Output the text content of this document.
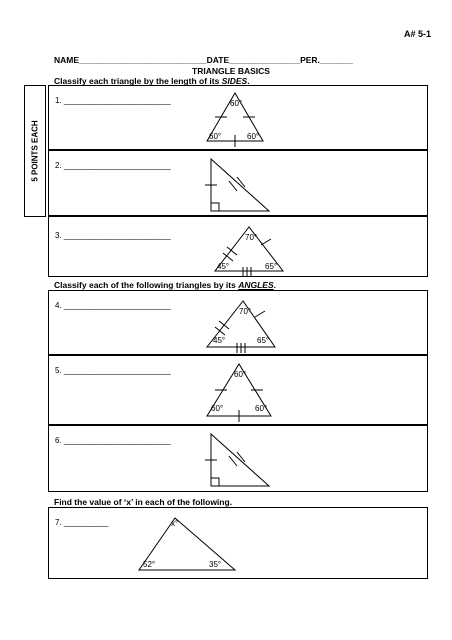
A# 5-1
NAME___________________________DATE_______________PER._______
TRIANGLE BASICS
Classify each triangle by the length of its SIDES.
5 POINTS EACH
1. ________________________	60°
60°	60°
2. ________________________
3. ________________________	70°
45°	65°
Classify each of the following triangles by its ANGLES.
4. ________________________
70°
45°	65°
5. ________________________	60°
60°	60°
6. ________________________
Find the value of ‘x’ in each of the following.
7. __________	x°
52°	35°
